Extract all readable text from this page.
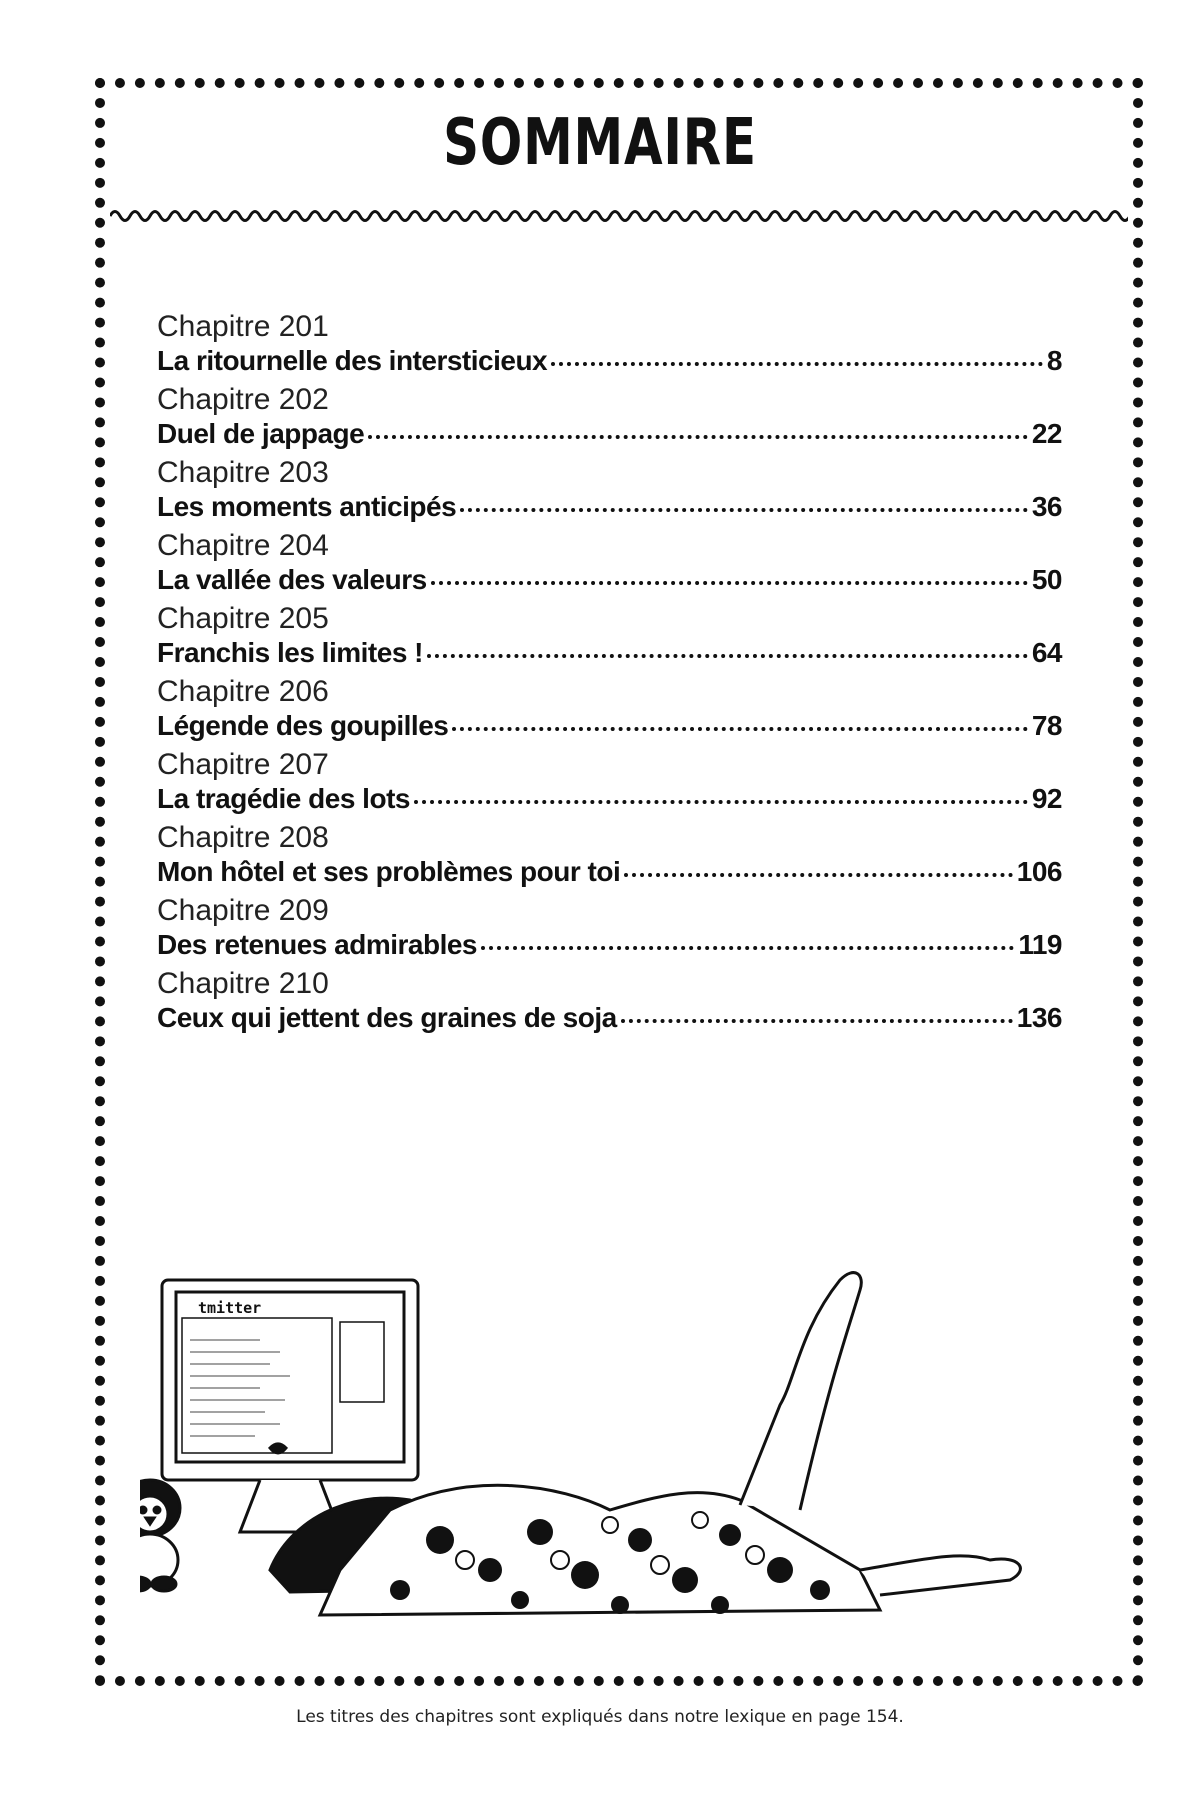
SOMMAIRE
Chapitre 201
La ritournelle des intersticieux	8
Chapitre 202
Duel de jappage	22
Chapitre 203
Les moments anticipés	36
Chapitre 204
La vallée des valeurs	50
Chapitre 205
Franchis les limites !	64
Chapitre 206
Légende des goupilles	78
Chapitre 207
La tragédie des lots	92
Chapitre 208
Mon hôtel et ses problèmes pour toi	106
Chapitre 209
Des retenues admirables	119
Chapitre 210
Ceux qui jettent des graines de soja	136
tmitter

Les titres des chapitres sont expliqués dans notre lexique en page 154.
